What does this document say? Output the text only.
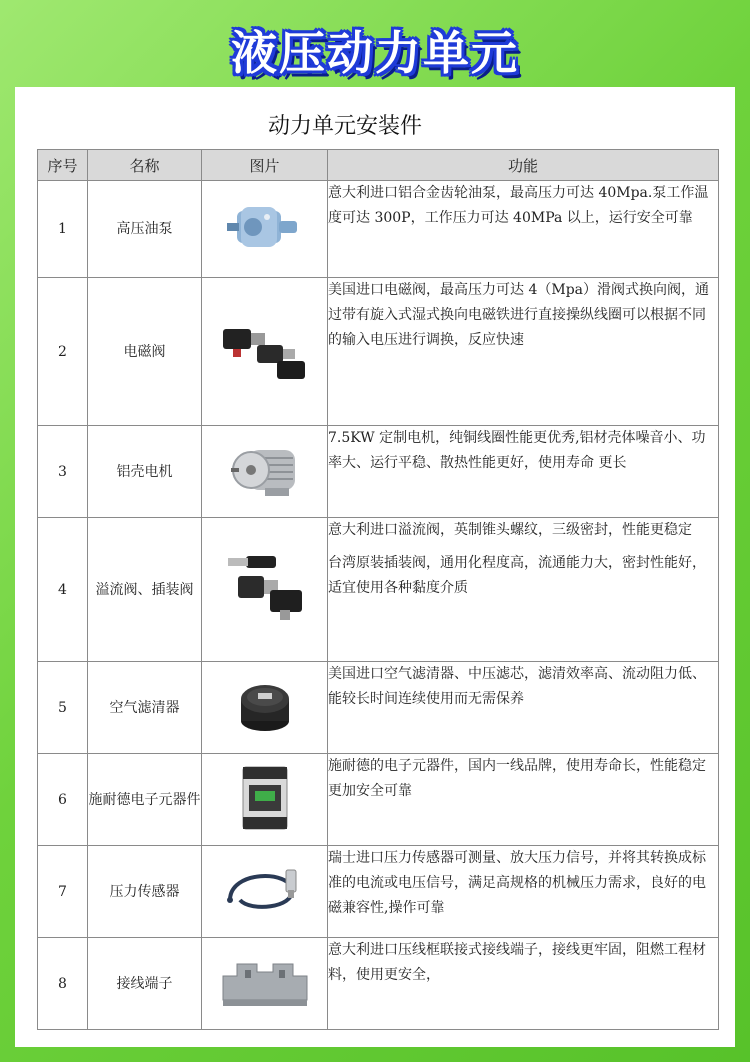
液压动力单元
动力单元安装件
序号	名称	图片	功能
1	高压油泵		意大利进口铝合金齿轮油泵，最高压力可达 40Mpa.泵工作温度可达 300P，工作压力可达 40MPa 以上，运行安全可靠

2	电磁阀		美国进口电磁阀，最高压力可达 4（Mpa）滑阀式换向阀，通过带有旋入式湿式换向电磁铁进行直接操纵线圈可以根据不同的输入电压进行调换，反应快速

3	铝壳电机		7.5KW 定制电机，纯铜线圈性能更优秀,铝材壳体噪音小、功率大、运行平稳、散热性能更好，使用寿命 更长

4	溢流阀、插装阀		意大利进口溢流阀，英制锥头螺纹，三级密封，性能更稳定

台湾原装插装阀，通用化程度高，流通能力大，密封性能好，适宜使用各种黏度介质

5	空气滤清器		美国进口空气滤清器、中压滤芯，滤清效率高、流动阻力低、能较长时间连续使用而无需保养

6	施耐德电子元器件		施耐德的电子元器件，国内一线品牌，使用寿命长，性能稳定更加安全可靠

7	压力传感器		瑞士进口压力传感器可测量、放大压力信号，并将其转换成标准的电流或电压信号，满足高规格的机械压力需求，良好的电磁兼容性,操作可靠

8	接线端子		意大利进口压线框联接式接线端子，接线更牢固，阻燃工程材料，使用更安全，
